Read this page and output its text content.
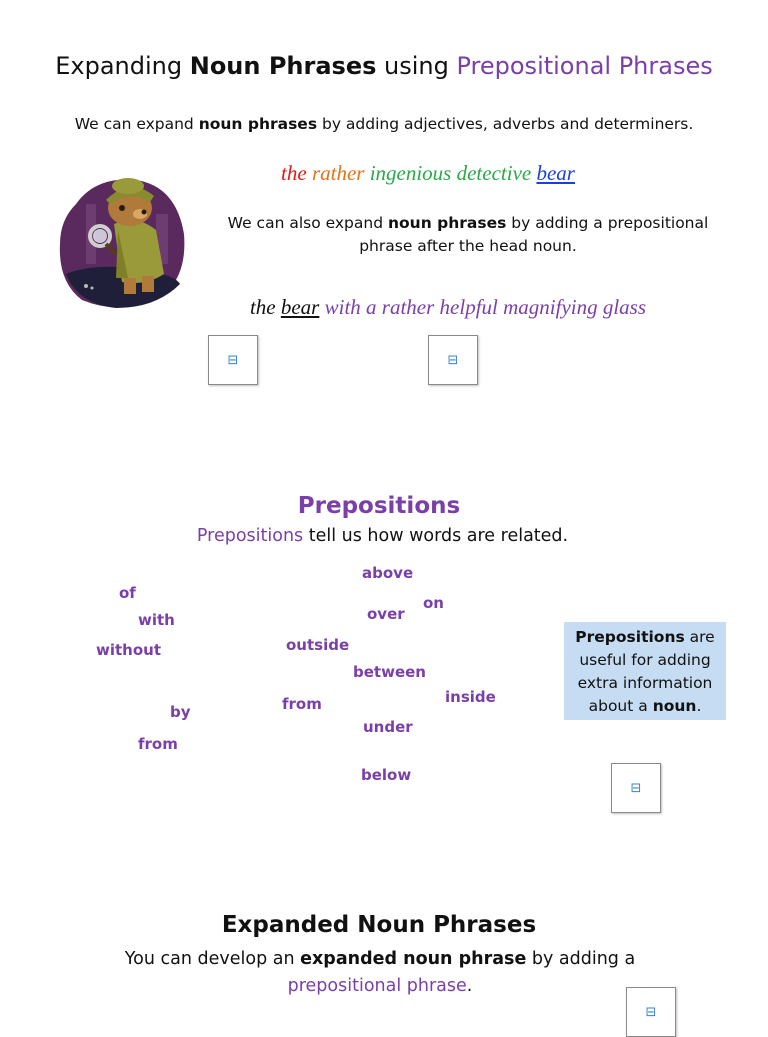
Expanding Noun Phrases using Prepositional Phrases
We can expand noun phrases by adding adjectives, adverbs and determiners.
the rather ingenious detective bear
We can also expand noun phrases by adding a prepositional phrase after the head noun.
the bear with a rather helpful magnifying glass
⊟	⊟
Prepositions
Prepositions tell us how words are related.
of
with
without
by
from
above
over
on
outside
between
from	inside
under
below
Prepositions are useful for adding extra information about a noun.
⊟
Expanded Noun Phrases
You can develop an expanded noun phrase by adding a
prepositional phrase.
⊟
